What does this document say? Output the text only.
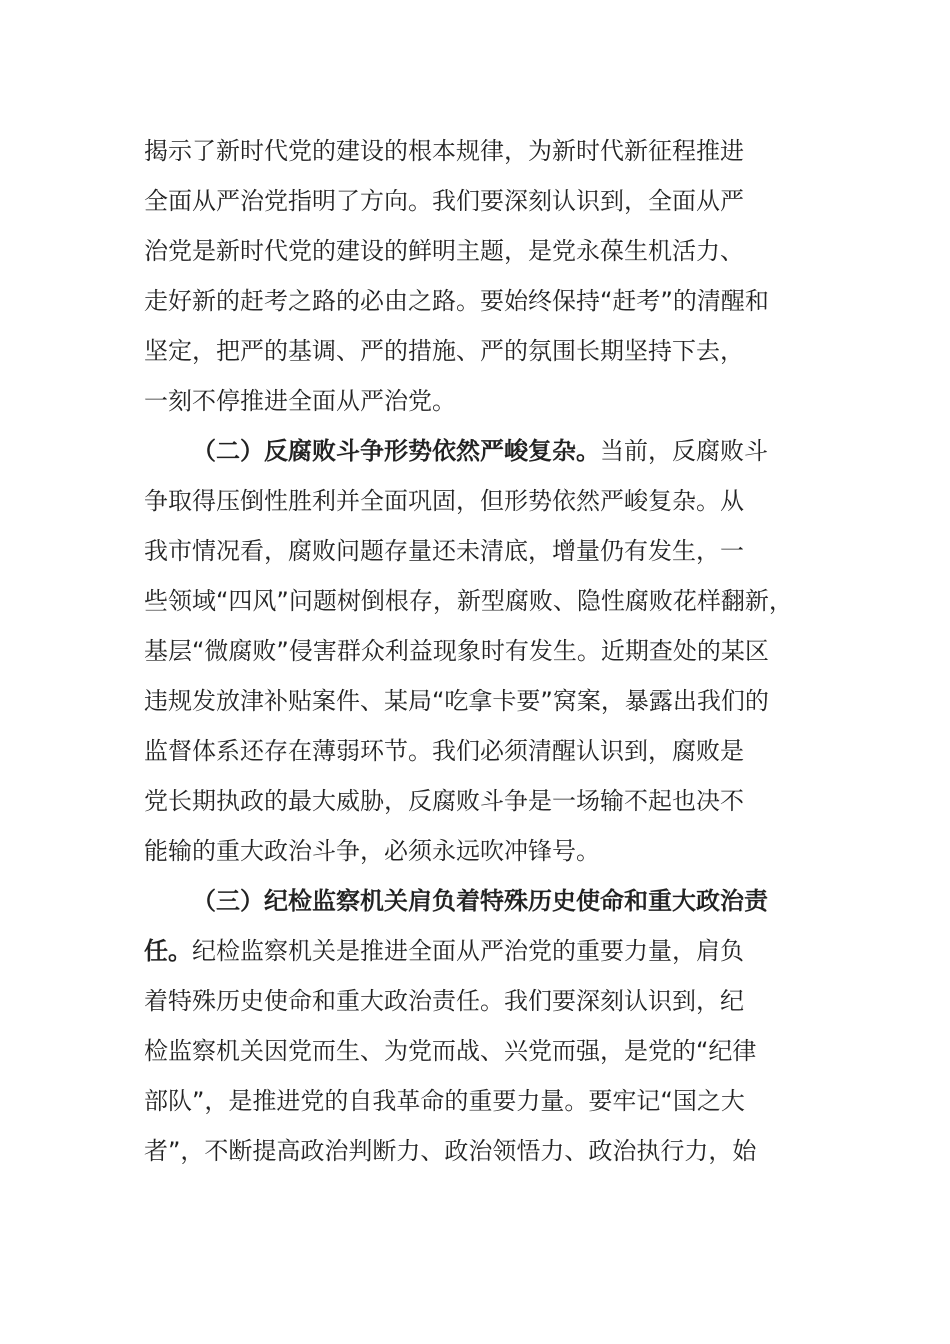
揭示了新时代党的建设的根本规律，为新时代新征程推进
全面从严治党指明了方向。我们要深刻认识到，全面从严
治党是新时代党的建设的鲜明主题，是党永葆生机活力、
走好新的赶考之路的必由之路。要始终保持“赶考”的清醒和
坚定，把严的基调、严的措施、严的氛围长期坚持下去，
一刻不停推进全面从严治党。
（二）反腐败斗争形势依然严峻复杂。当前，反腐败斗
争取得压倒性胜利并全面巩固，但形势依然严峻复杂。从
我市情况看，腐败问题存量还未清底，增量仍有发生，一
些领域“四风”问题树倒根存，新型腐败、隐性腐败花样翻新，
基层“微腐败”侵害群众利益现象时有发生。近期查处的某区
违规发放津补贴案件、某局“吃拿卡要”窝案，暴露出我们的
监督体系还存在薄弱环节。我们必须清醒认识到，腐败是
党长期执政的最大威胁，反腐败斗争是一场输不起也决不
能输的重大政治斗争，必须永远吹冲锋号。
（三）纪检监察机关肩负着特殊历史使命和重大政治责
任。纪检监察机关是推进全面从严治党的重要力量，肩负
着特殊历史使命和重大政治责任。我们要深刻认识到，纪
检监察机关因党而生、为党而战、兴党而强，是党的“纪律
部队”，是推进党的自我革命的重要力量。要牢记“国之大
者”，不断提高政治判断力、政治领悟力、政治执行力，始
